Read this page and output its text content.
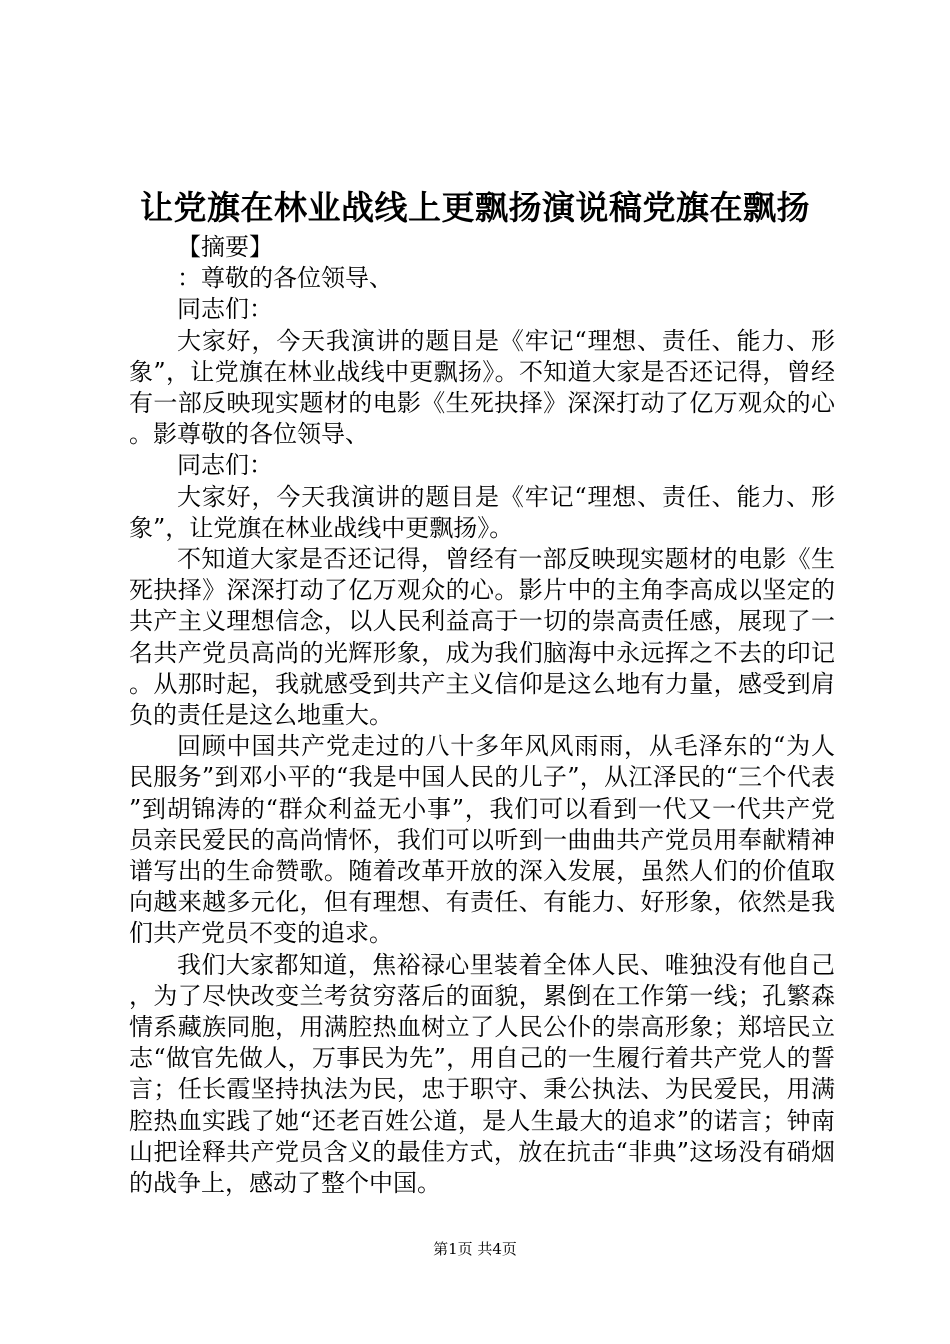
让党旗在林业战线上更飘扬演说稿党旗在飘扬

【摘要】

：尊敬的各位领导、

同志们：

大家好，今天我演讲的题目是《牢记“理想、责任、能力、形象”，让党旗在林业战线中更飘扬》。不知道大家是否还记得，曾经有一部反映现实题材的电影《生死抉择》深深打动了亿万观众的心。影尊敬的各位领导、

同志们：

大家好，今天我演讲的题目是《牢记“理想、责任、能力、形象”，让党旗在林业战线中更飘扬》。

不知道大家是否还记得，曾经有一部反映现实题材的电影《生死抉择》深深打动了亿万观众的心。影片中的主角李高成以坚定的共产主义理想信念，以人民利益高于一切的崇高责任感，展现了一名共产党员高尚的光辉形象，成为我们脑海中永远挥之不去的印记。从那时起，我就感受到共产主义信仰是这么地有力量，感受到肩负的责任是这么地重大。

回顾中国共产党走过的八十多年风风雨雨，从毛泽东的“为人民服务”到邓小平的“我是中国人民的儿子”，从江泽民的“三个代表”到胡锦涛的“群众利益无小事”，我们可以看到一代又一代共产党员亲民爱民的高尚情怀，我们可以听到一曲曲共产党员用奉献精神谱写出的生命赞歌。随着改革开放的深入发展，虽然人们的价值取向越来越多元化，但有理想、有责任、有能力、好形象，依然是我们共产党员不变的追求。

我们大家都知道，焦裕禄心里装着全体人民、唯独没有他自己，为了尽快改变兰考贫穷落后的面貌，累倒在工作第一线；孔繁森情系藏族同胞，用满腔热血树立了人民公仆的崇高形象；郑培民立志“做官先做人，万事民为先”，用自己的一生履行着共产党人的誓言；任长霞坚持执法为民，忠于职守、秉公执法、为民爱民，用满腔热血实践了她“还老百姓公道，是人生最大的追求”的诺言；钟南山把诠释共产党员含义的最佳方式，放在抗击“非典”这场没有硝烟的战争上，感动了整个中国。

第1页 共4页
